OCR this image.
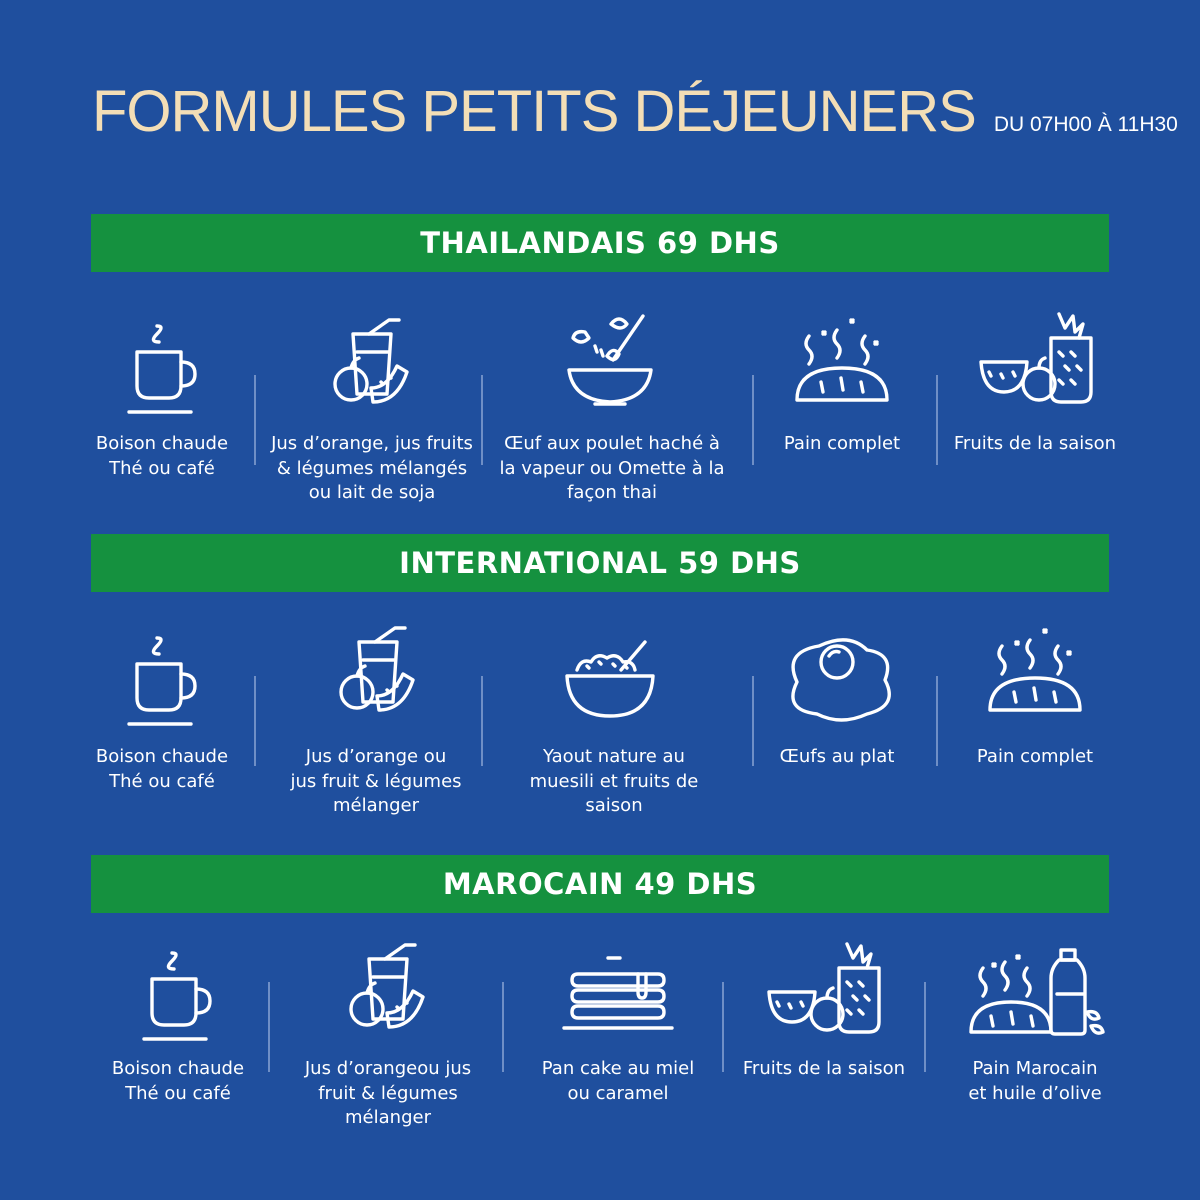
FORMULES PETITS DÉJEUNERS DU 07H00 À 11H30
THAILANDAIS 69 DHS
Boison chaude
Thé ou café
Jus d’orange, jus fruits
& légumes mélangés
ou lait de soja
Œuf aux poulet haché à
la vapeur ou Omette à la
façon thai
Pain complet	Fruits de la saison
INTERNATIONAL 59 DHS
Boison chaude
Thé ou café
Jus d’orange ou
jus fruit & légumes
mélanger
Yaout nature au
muesili et fruits de
saison
Œufs au plat	Pain complet
MAROCAIN 49 DHS
Boison chaude
Thé ou café
Jus d’orangeou jus
fruit & légumes
mélanger
Pan cake au miel
ou caramel
Fruits de la saison	Pain Marocain
et huile d’olive
